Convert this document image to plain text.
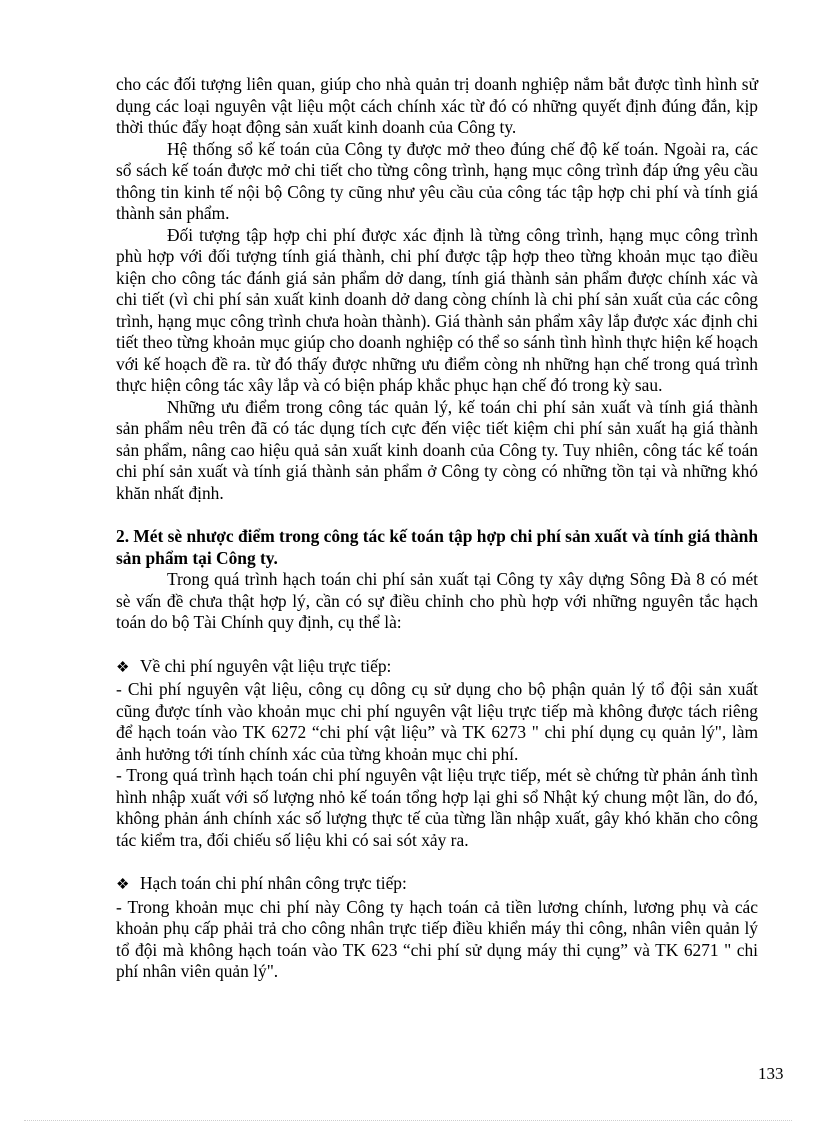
cho các đối tượng liên quan, giúp cho nhà quản trị doanh nghiệp nắm bắt được tình hình sử dụng các loại nguyên vật liệu một cách chính xác từ đó có những quyết định đúng đắn, kịp thời thúc đẩy hoạt động sản xuất kinh doanh của Công ty.

Hệ thống sổ kế toán của Công ty được mở theo đúng chế độ kế toán. Ngoài ra, các sổ sách kế toán được mở chi tiết cho từng công trình, hạng mục công trình đáp ứng yêu cầu thông tin kinh tế nội bộ Công ty cũng như yêu cầu của công tác tập hợp chi phí và tính giá thành sản phẩm.

Đối tượng tập hợp chi phí được xác định là từng công trình, hạng mục công trình phù hợp với đối tượng tính giá thành, chi phí được tập hợp theo từng khoản mục tạo điều kiện cho công tác đánh giá sản phẩm dở dang, tính giá thành sản phẩm được chính xác và chi tiết (vì chi phí sản xuất kinh doanh dở dang còng chính là chi phí sản xuất của các công trình, hạng mục công trình chưa hoàn thành). Giá thành sản phẩm xây lắp được xác định chi tiết theo từng khoản mục giúp cho doanh nghiệp có thể so sánh tình hình thực hiện kế hoạch với kế hoạch đề ra. từ đó thấy được những ưu điểm còng nh những hạn chế trong quá trình thực hiện công tác xây lắp và có biện pháp khắc phục hạn chế đó trong kỳ sau.

Những ưu điểm trong công tác quản lý, kế toán chi phí sản xuất và tính giá thành sản phẩm nêu trên đã có tác dụng tích cực đến việc tiết kiệm chi phí sản xuất hạ giá thành sản phẩm, nâng cao hiệu quả sản xuất kinh doanh của Công ty. Tuy nhiên, công tác kế toán chi phí sản xuất và tính giá thành sản phẩm ở Công ty còng có những tồn tại và những khó khăn nhất định.

2. Mét sè nhược điểm trong công tác kế toán tập hợp chi phí sản xuất và tính giá thành sản phẩm tại Công ty.

Trong quá trình hạch toán chi phí sản xuất tại Công ty xây dựng Sông Đà 8 có mét sè vấn đề chưa thật hợp lý, cần có sự điều chỉnh cho phù hợp với những nguyên tắc hạch toán do bộ Tài Chính quy định, cụ thể là:

❖ Về chi phí nguyên vật liệu trực tiếp:

- Chi phí nguyên vật liệu, công cụ dông cụ sử dụng cho bộ phận quản lý tổ đội sản xuất cũng được tính vào khoản mục chi phí nguyên vật liệu trực tiếp mà không được tách riêng để hạch toán vào TK 6272 “chi phí vật liệu” và TK 6273 " chi phí dụng cụ quản lý", làm ảnh hưởng tới tính chính xác của từng khoản mục chi phí.

- Trong quá trình hạch toán chi phí nguyên vật liệu trực tiếp, mét sè chứng từ phản ánh tình hình nhập xuất với số lượng nhỏ kế toán tổng hợp lại ghi sổ Nhật ký chung một lần, do đó, không phản ánh chính xác số lượng thực tế của từng lần nhập xuất, gây khó khăn cho công tác kiểm tra, đối chiếu số liệu khi có sai sót xảy ra.

❖ Hạch toán chi phí nhân công trực tiếp:

- Trong khoản mục chi phí này Công ty hạch toán cả tiền lương chính, lương phụ và các khoản phụ cấp phải trả cho công nhân trực tiếp điều khiển máy thi công, nhân viên quản lý tổ đội mà không hạch toán vào TK 623 “chi phí sử dụng máy thi cụng” và TK 6271 " chi phí nhân viên quản lý".

133
